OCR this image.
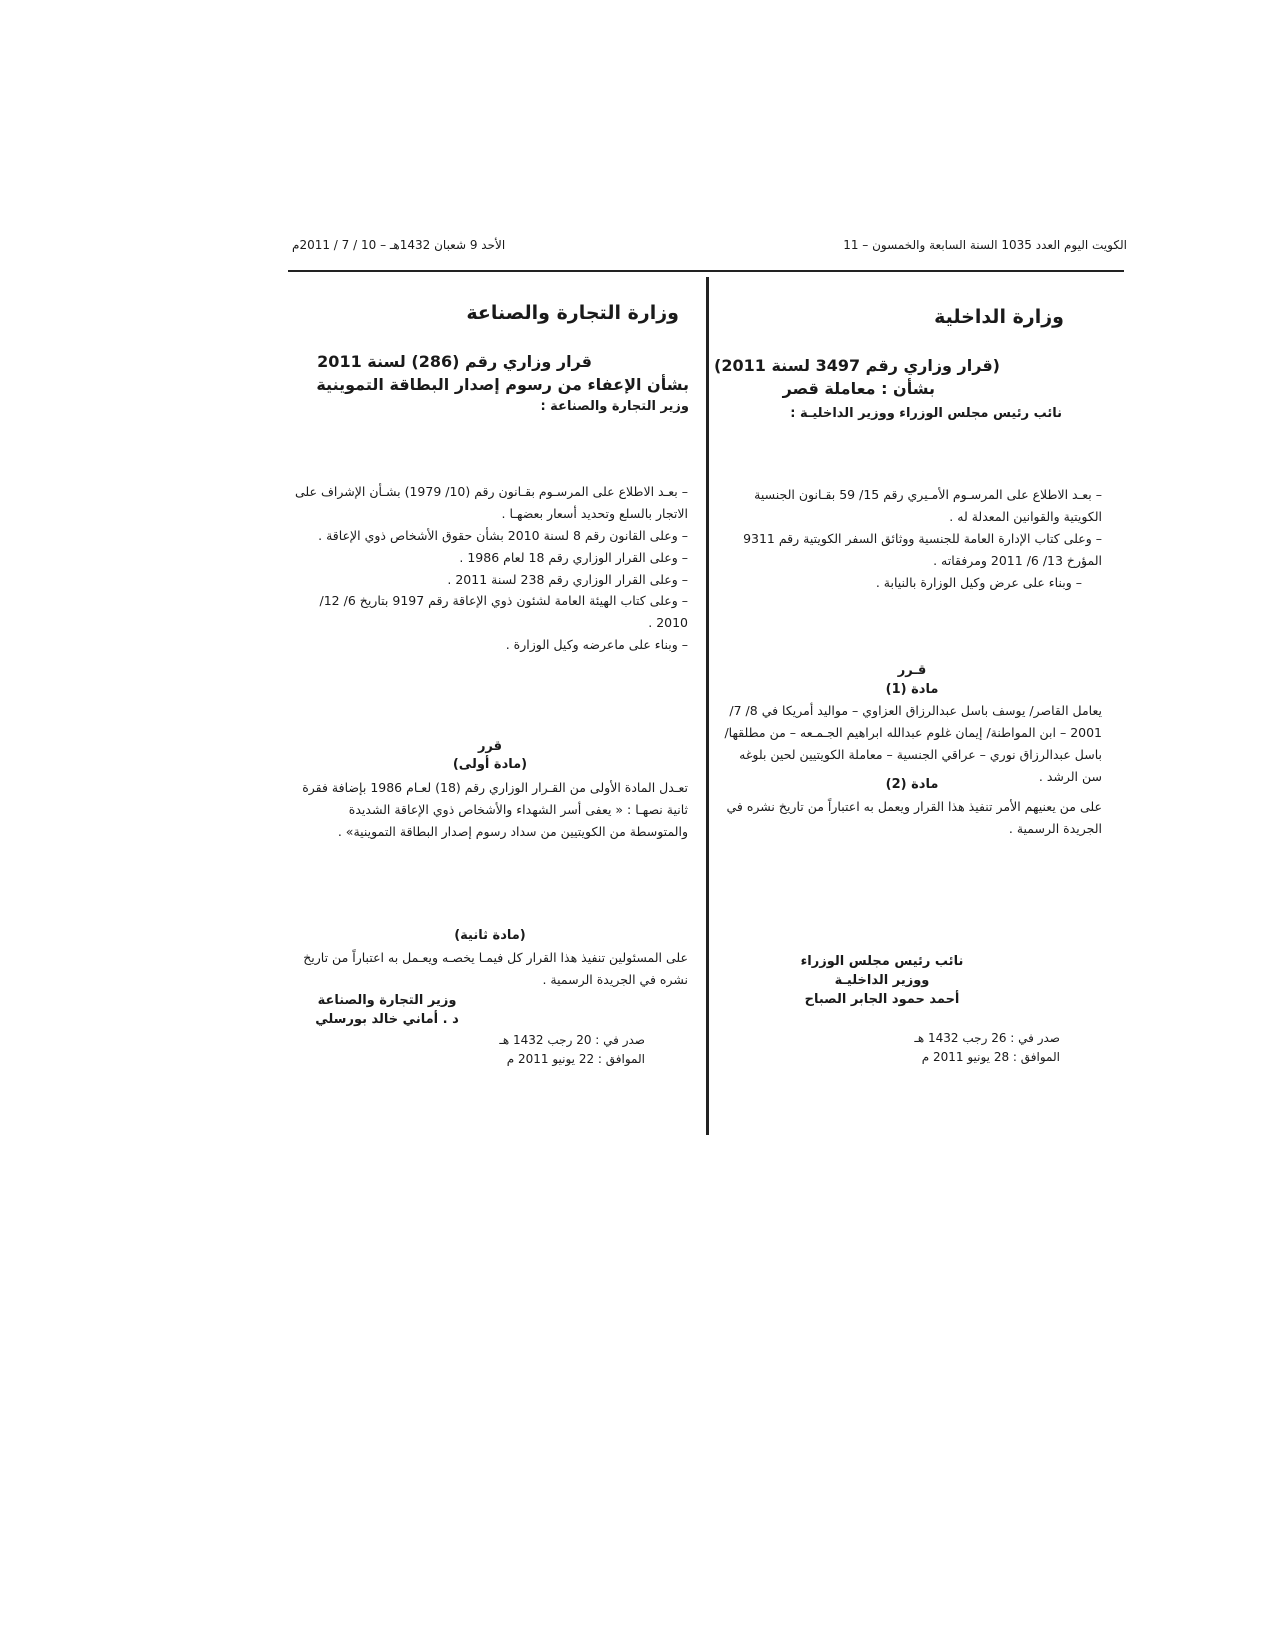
الكويت اليوم العدد 1035 السنة السابعة والخمسون – 11
الأحد 9 شعبان 1432هـ – 10 / 7 / 2011م
وزارة الداخلية
(قرار وزاري رقم 3497 لسنة 2011)
بشأن : معاملة قصر
نائب رئيس مجلس الوزراء ووزير الداخليـة :

– بعـد الاطلاع على المرسـوم الأمـيري رقم 15/ 59 بقـانون الجنسية الكويتية والقوانين المعدلة له .

– وعلى كتاب الإدارة العامة للجنسية ووثائق السفر الكويتية رقم 9311 المؤرخ 13/ 6/ 2011 ومرفقاته .

– وبناء على عرض وكيل الوزارة بالنيابة .

قـرر
مادة (1)

يعامل القاصر/ يوسف باسل عبدالرزاق العزاوي – مواليد أمريكا في 8/ 7/ 2001 – ابن المواطنة/ إيمان غلوم عبدالله ابراهيم الجـمـعه – من مطلقها/ باسل عبدالرزاق نوري – عراقي الجنسية – معاملة الكويتيين لحين بلوغه سن الرشد .

مادة (2)

على من يعنيهم الأمر تنفيذ هذا القرار ويعمل به اعتباراً من تاريخ نشره في الجريدة الرسمية .

نائب رئيس مجلس الوزراء
ووزير الداخليـة
أحمد حمود الجابر الصباح
صدر في : 26 رجب 1432 هـ
الموافق : 28 يونيو 2011 م
وزارة التجارة والصناعة
قرار وزاري رقم (286) لسنة 2011
بشأن الإعفاء من رسوم إصدار البطاقة التموينية
وزير التجارة والصناعة :

– بعـد الاطلاع على المرسـوم بقـانون رقم (10/ 1979) بشـأن الإشراف على الاتجار بالسلع وتحديد أسعار بعضهـا .

– وعلى القانون رقم 8 لسنة 2010 بشأن حقوق الأشخاص ذوي الإعاقة .

– وعلى القرار الوزاري رقم 18 لعام 1986 .

– وعلى القرار الوزاري رقم 238 لسنة 2011 .

– وعلى كتاب الهيئة العامة لشئون ذوي الإعاقة رقم 9197 بتاريخ 6/ 12/ 2010 .

– وبناء على ماعرضه وكيل الوزارة .

قرر
(مادة أولى)

تعـدل المادة الأولى من القـرار الوزاري رقم (18) لعـام 1986 بإضافة فقرة ثانية نصهـا : « يعفى أسر الشهداء والأشخاص ذوي الإعاقة الشديدة والمتوسطة من الكويتيين من سداد رسوم إصدار البطاقة التموينية» .

(مادة ثانية)

على المسئولين تنفيذ هذا القرار كل فيمـا يخصـه ويعـمل به اعتباراً من تاريخ نشره في الجريدة الرسمية .

وزير التجارة والصناعة
د . أماني خالد بورسلي
صدر في : 20 رجب 1432 هـ
الموافق : 22 يونيو 2011 م
